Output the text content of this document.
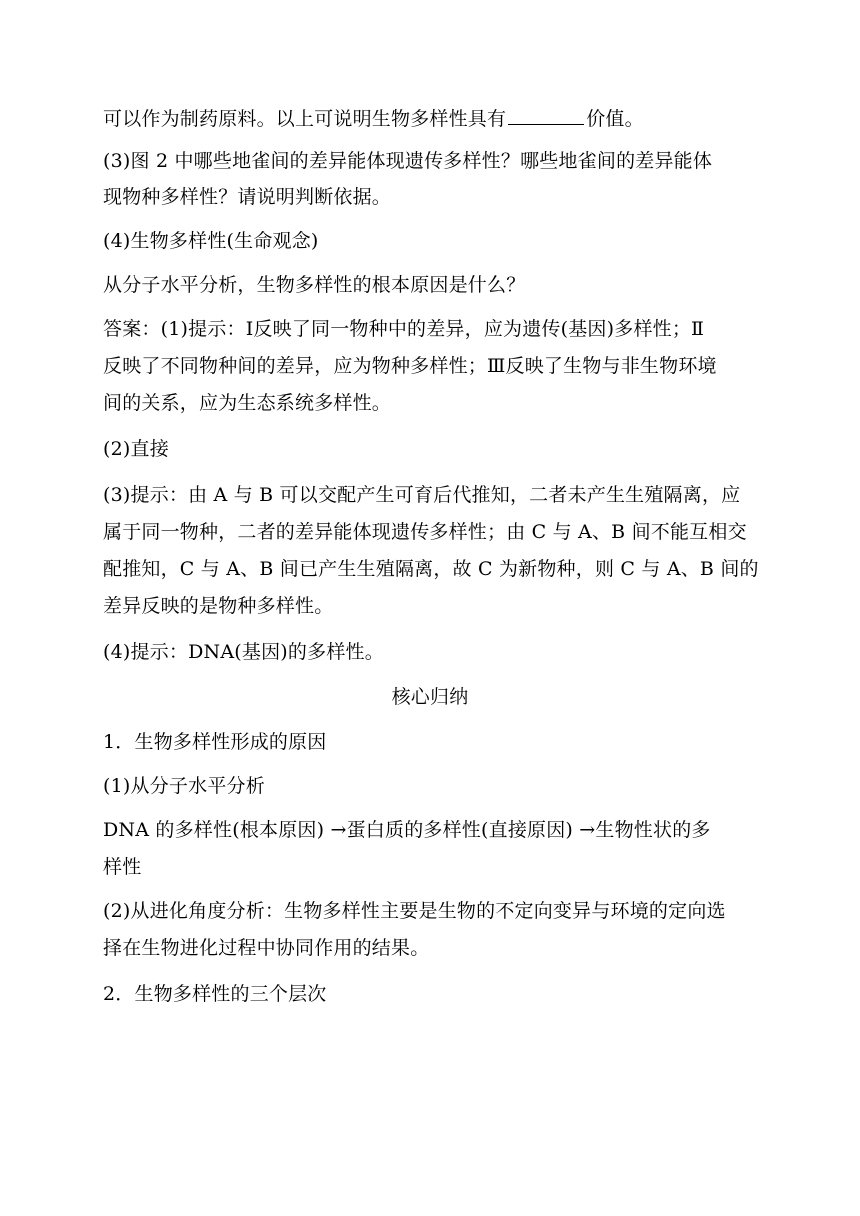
可以作为制药原料。以上可说明生物多样性具有	价值。
(3)图 2 中哪些地雀间的差异能体现遗传多样性？哪些地雀间的差异能体
现物种多样性？请说明判断依据。
(4)生物多样性(生命观念)
从分子水平分析，生物多样性的根本原因是什么？
答案：(1)提示：Ⅰ反映了同一物种中的差异，应为遗传(基因)多样性；Ⅱ
反映了不同物种间的差异，应为物种多样性；Ⅲ反映了生物与非生物环境
间的关系，应为生态系统多样性。
(2)直接
(3)提示：由 A 与 B 可以交配产生可育后代推知，二者未产生生殖隔离，应
属于同一物种，二者的差异能体现遗传多样性；由 C 与 A、B 间不能互相交
配推知，C 与 A、B 间已产生生殖隔离，故 C 为新物种，则 C 与 A、B 间的
差异反映的是物种多样性。
(4)提示：DNA(基因)的多样性。
核心归纳
1．生物多样性形成的原因
(1)从分子水平分析
DNA 的多样性(根本原因) →蛋白质的多样性(直接原因) →生物性状的多
样性
(2)从进化角度分析：生物多样性主要是生物的不定向变异与环境的定向选
择在生物进化过程中协同作用的结果。
2．生物多样性的三个层次
